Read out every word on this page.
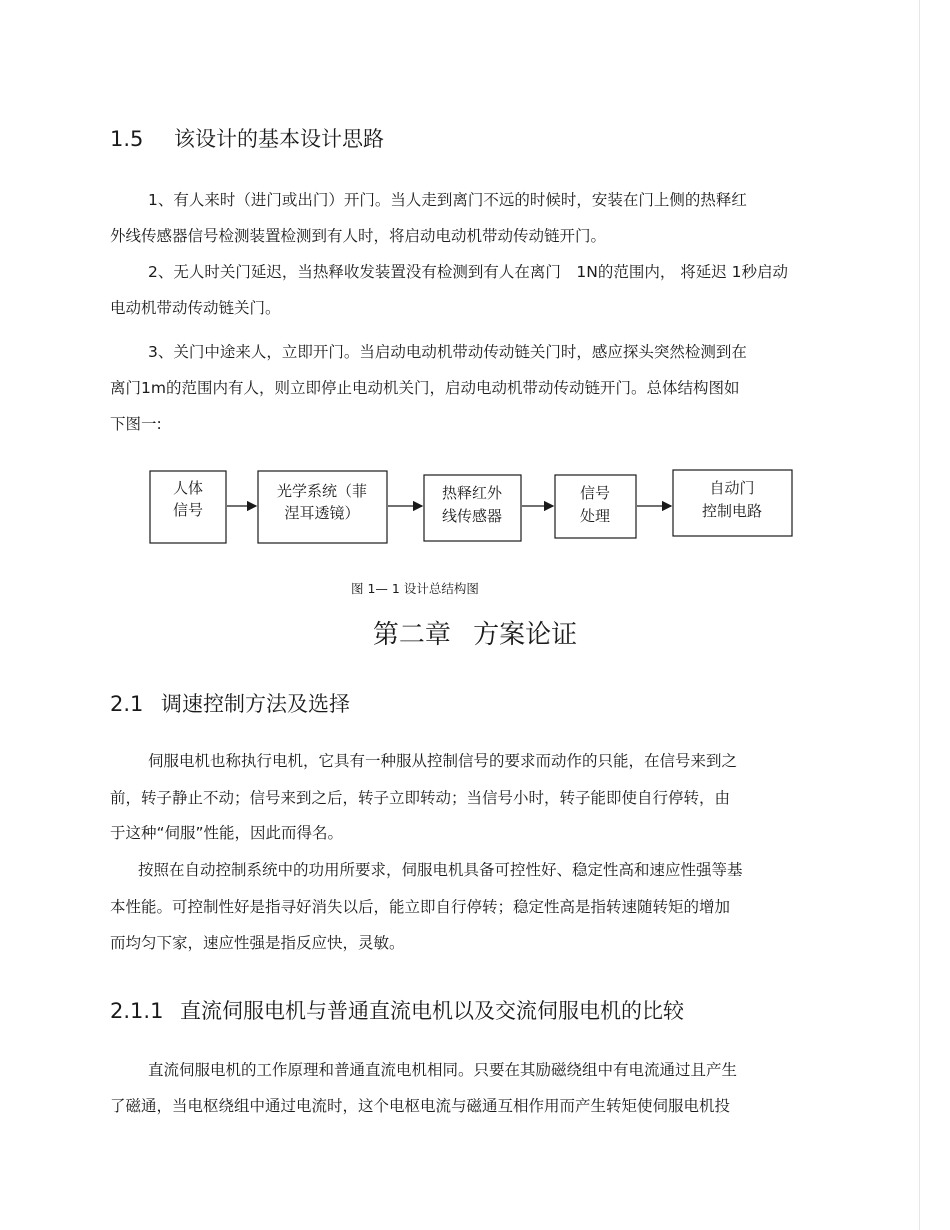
1.5 该设计的基本设计思路
1、有人来时（进门或出门）开门。当人走到离门不远的时候时，安装在门上侧的热释红
外线传感器信号检测装置检测到有人时，将启动电动机带动传动链开门。
2、无人时关门延迟，当热释收发装置没有检测到有人在离门　1N的范围内， 将延迟 1秒启动
电动机带动传动链关门。
3、关门中途来人，立即开门。当启动电动机带动传动链关门时，感应探头突然检测到在
离门1m的范围内有人，则立即停止电动机关门，启动电动机带动传动链开门。总体结构图如
下图一:
人体
信号
光学系统（菲
涅耳透镜）
热释红外
线传感器
信号
处理
自动门
控制电路
图 1— 1 设计总结构图
第二章 方案论证
2.1 调速控制方法及选择
伺服电机也称执行电机，它具有一种服从控制信号的要求而动作的只能，在信号来到之
前，转子静止不动；信号来到之后，转子立即转动；当信号小时，转子能即使自行停转，由
于这种“伺服”性能，因此而得名。
按照在自动控制系统中的功用所要求，伺服电机具备可控性好、稳定性高和速应性强等基
本性能。可控制性好是指寻好消失以后，能立即自行停转；稳定性高是指转速随转矩的增加
而均匀下家，速应性强是指反应快，灵敏。
2.1.1 直流伺服电机与普通直流电机以及交流伺服电机的比较
直流伺服电机的工作原理和普通直流电机相同。只要在其励磁绕组中有电流通过且产生
了磁通，当电枢绕组中通过电流时，这个电枢电流与磁通互相作用而产生转矩使伺服电机投
